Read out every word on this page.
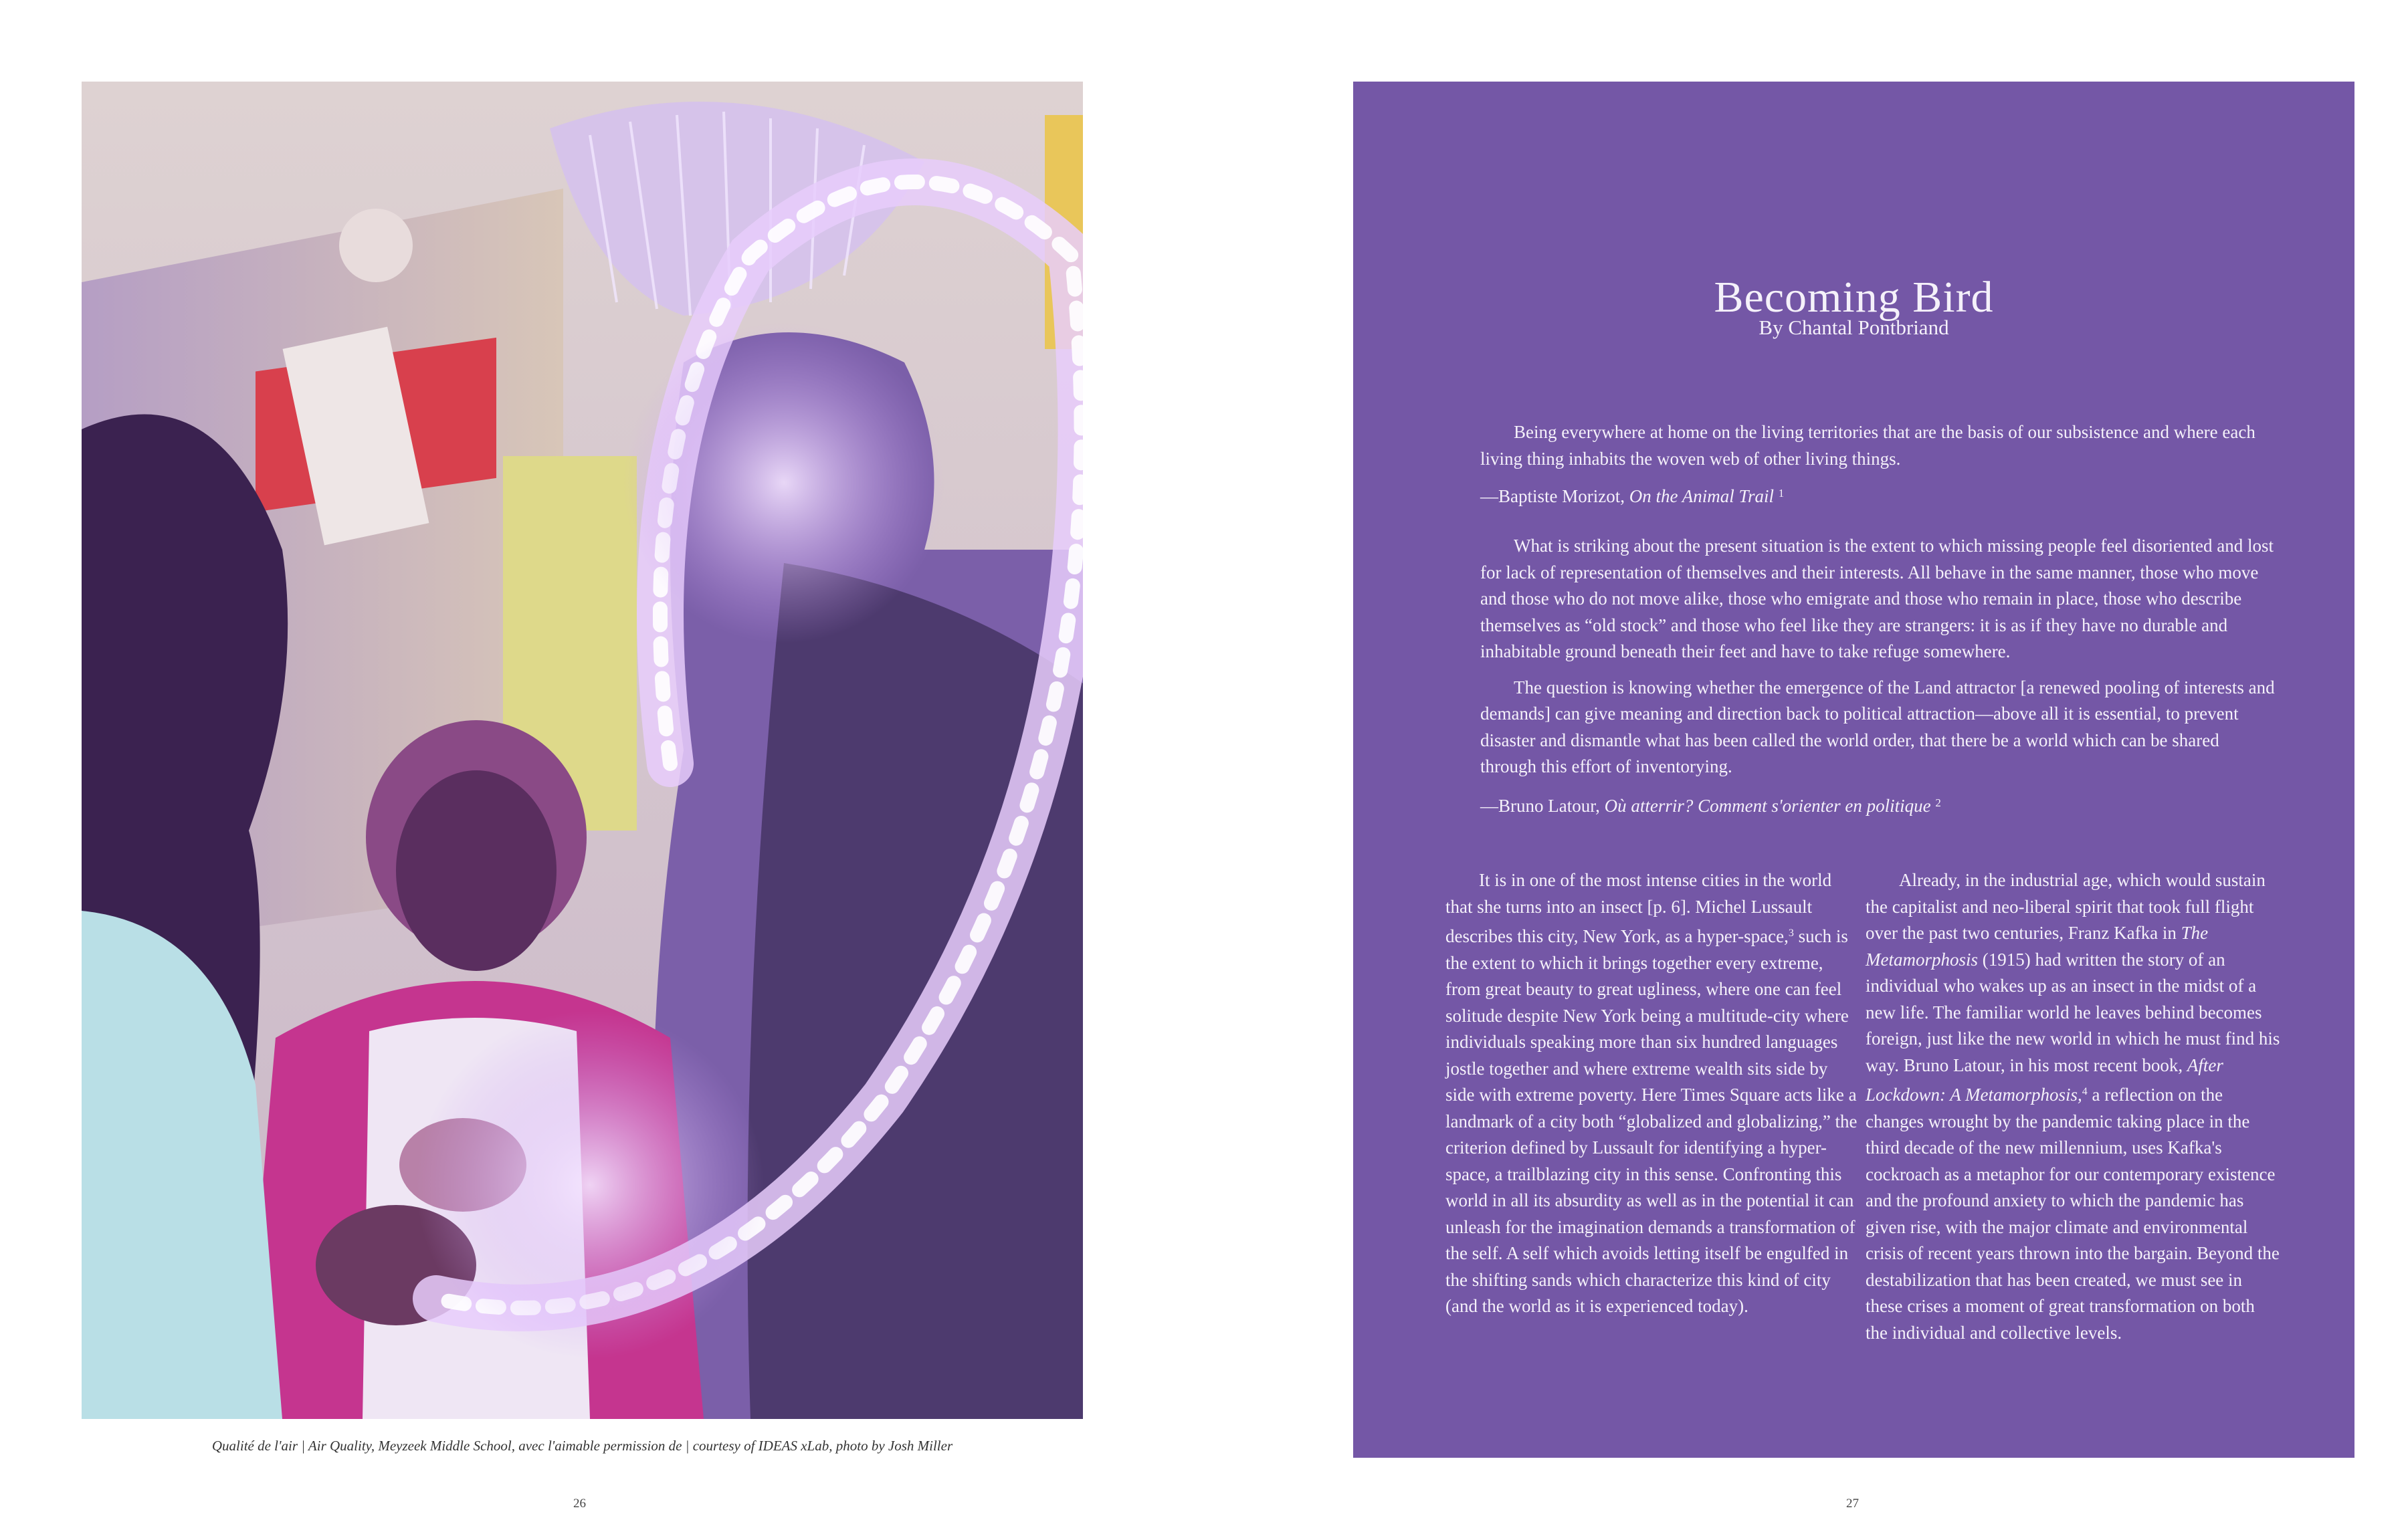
Qualité de l'air | Air Quality, Meyzeek Middle School, avec l'aimable permission de | courtesy of IDEAS xLab, photo by Josh Miller
26
Becoming Bird
By Chantal Pontbriand

Being everywhere at home on the living territories that are the basis of our subsistence and where each living thing inhabits the woven web of other living things.

—Baptiste Morizot, On the Animal Trail $^1$

What is striking about the present situation is the extent to which missing people feel disoriented and lost for lack of representation of themselves and their interests. All behave in the same manner, those who move and those who do not move alike, those who emigrate and those who remain in place, those who describe themselves as “old stock” and those who feel like they are strangers: it is as if they have no durable and inhabitable ground beneath their feet and have to take refuge somewhere.

The question is knowing whether the emergence of the Land attractor [a renewed pooling of interests and demands] can give meaning and direction back to political attraction—above all it is essential, to prevent disaster and dismantle what has been called the world order, that there be a world which can be shared through this effort of inventorying.

—Bruno Latour, Où atterrir? Comment s'orienter en politique $^2$

It is in one of the most intense cities in the world that she turns into an insect [p. 6]. Michel Lussault describes this city, New York, as a hyper-space,$^3$ such is the extent to which it brings together every extreme, from great beauty to great ugliness, where one can feel solitude despite New York being a multitude-city where individuals speaking more than six hundred languages jostle together and where extreme wealth sits side by side with extreme poverty. Here Times Square acts like a landmark of a city both “globalized and globalizing,” the criterion defined by Lussault for identifying a hyper-space, a trailblazing city in this sense. Confronting this world in all its absurdity as well as in the potential it can unleash for the imagination demands a transformation of the self. A self which avoids letting itself be engulfed in the shifting sands which characterize this kind of city (and the world as it is experienced today).

Already, in the industrial age, which would sustain the capitalist and neo-liberal spirit that took full flight over the past two centuries, Franz Kafka in The Metamorphosis (1915) had written the story of an individual who wakes up as an insect in the midst of a new life. The familiar world he leaves behind becomes foreign, just like the new world in which he must find his way. Bruno Latour, in his most recent book, After Lockdown: A Metamorphosis,$^4$ a reflection on the changes wrought by the pandemic taking place in the third decade of the new millennium, uses Kafka's cockroach as a metaphor for our contemporary existence and the profound anxiety to which the pandemic has given rise, with the major climate and environmental crisis of recent years thrown into the bargain. Beyond the destabilization that has been created, we must see in these crises a moment of great transformation on both the individual and collective levels.

27
